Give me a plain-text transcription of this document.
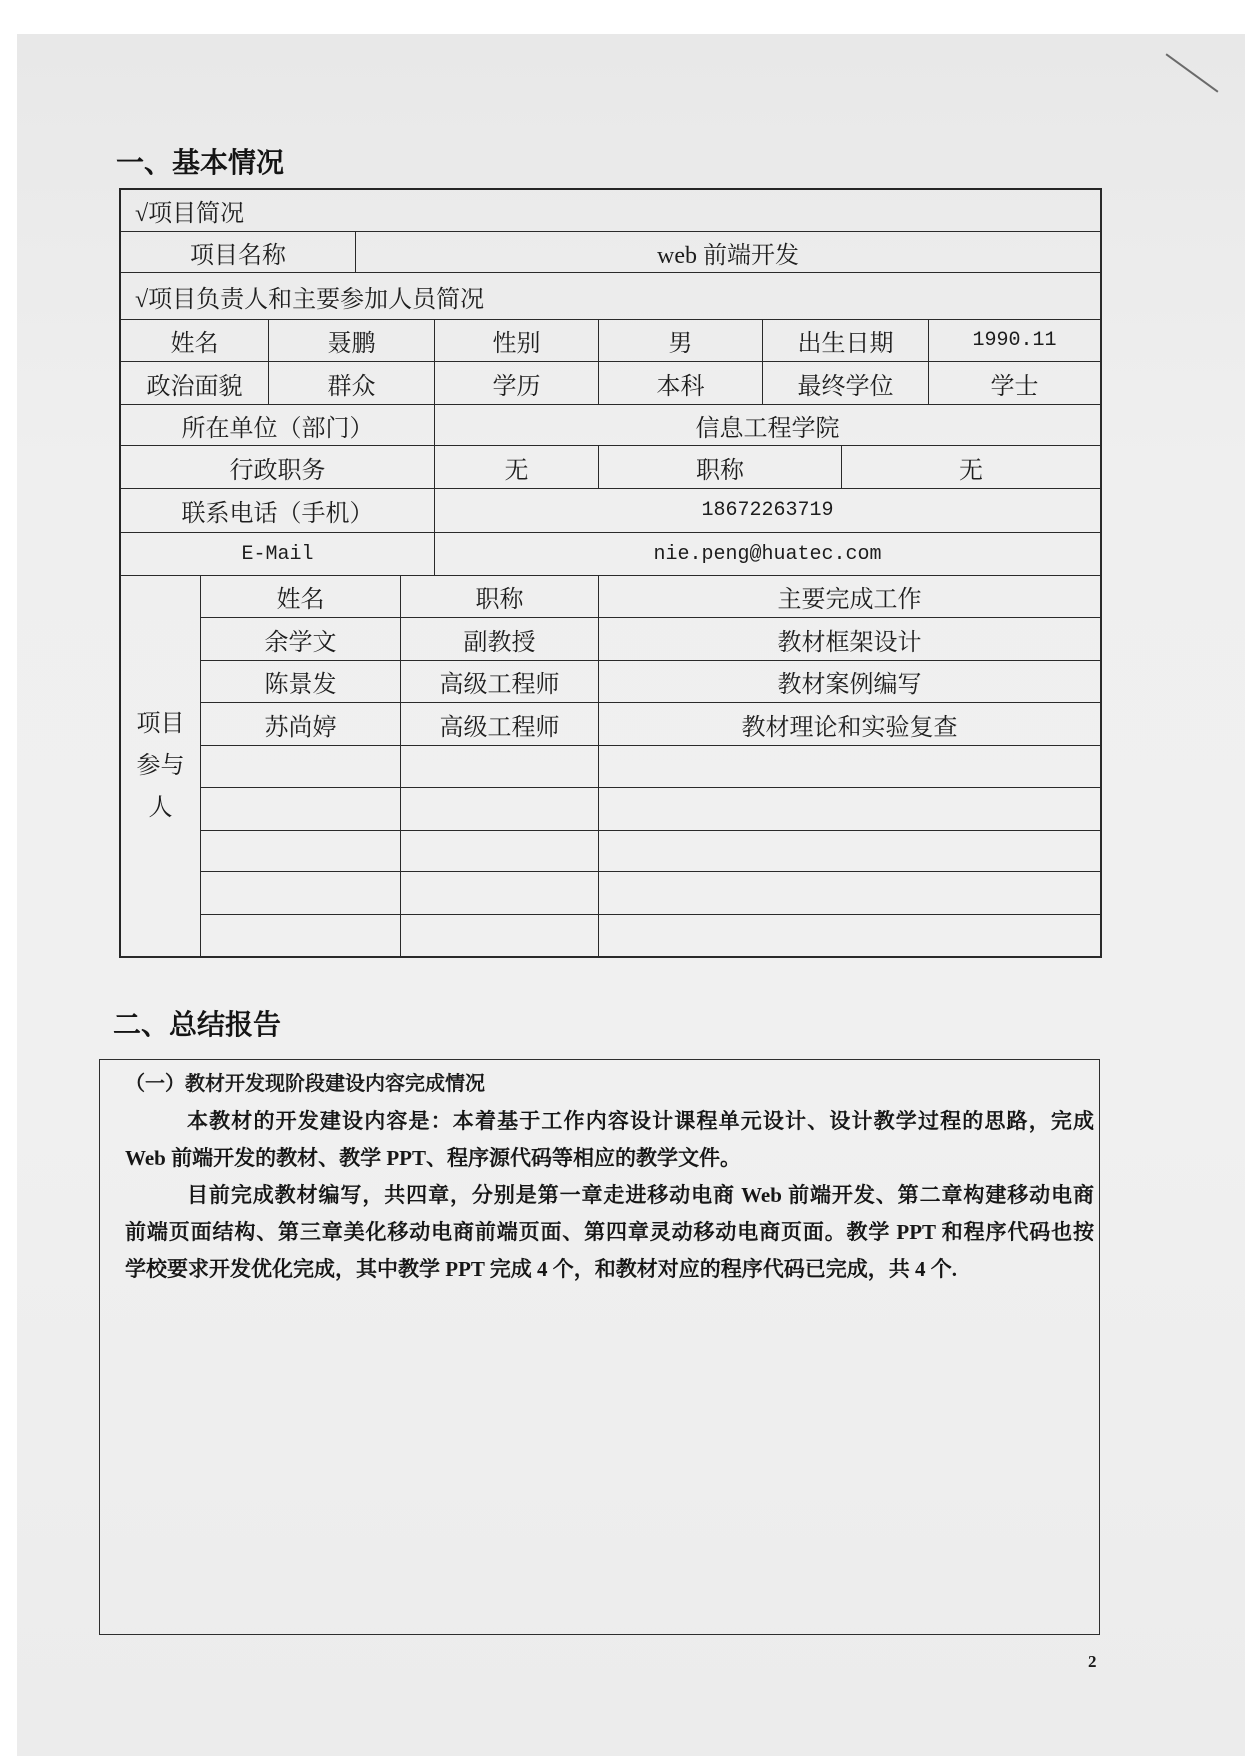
一、基本情况
√项目简况
项目名称	web 前端开发
√项目负责人和主要参加人员简况
姓名	聂鹏	性别	男	出生日期	1990.11
政治面貌	群众	学历	本科	最终学位	学士
所在单位（部门）	信息工程学院
行政职务	无	职称	无
联系电话（手机）	18672263719
E-Mail	nie.peng@huatec.com
项目参与人
姓名	职称	主要完成工作
余学文	副教授	教材框架设计
陈景发	高级工程师	教材案例编写
苏尚婷	高级工程师	教材理论和实验复查
二、总结报告
（一）教材开发现阶段建设内容完成情况
本教材的开发建设内容是：本着基于工作内容设计课程单元设计、设计教学过程的思路，完成
Web 前端开发的教材、教学 PPT、程序源代码等相应的教学文件。
目前完成教材编写，共四章，分别是第一章走进移动电商 Web 前端开发、第二章构建移动电商
前端页面结构、第三章美化移动电商前端页面、第四章灵动移动电商页面。教学 PPT 和程序代码也按
学校要求开发优化完成，其中教学 PPT 完成 4 个，和教材对应的程序代码已完成，共 4 个.
2
